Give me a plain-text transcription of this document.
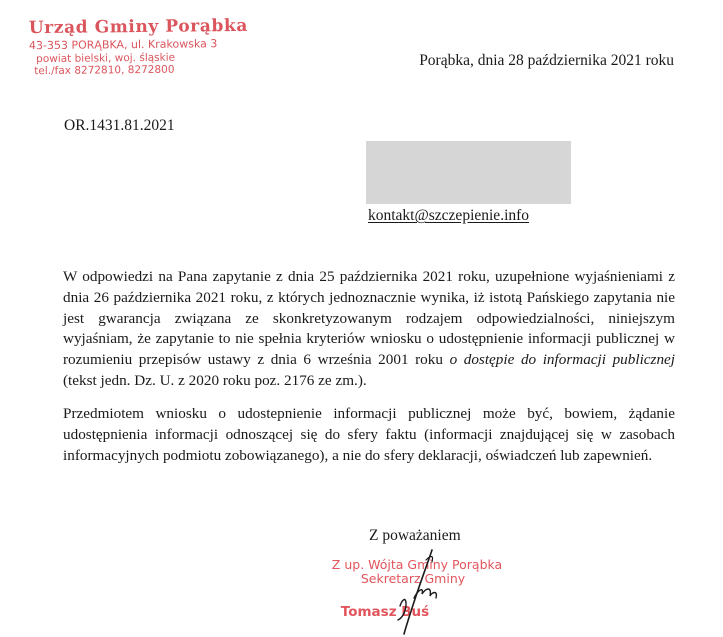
Urząd Gminy Porąbka
43-353 PORĄBKA, ul. Krakowska 3
powiat bielski, woj. śląskie
tel./fax 8272810, 8272800
Porąbka, dnia 28 października 2021 roku
OR.1431.81.2021
kontakt@szczepienie.info

W odpowiedzi na Pana zapytanie z dnia 25 października 2021 roku, uzupełnione wyjaśnieniami z dnia 26 października 2021 roku, z których jednoznacznie wynika, iż istotą Pańskiego zapytania nie jest gwarancja związana ze skonkretyzowanym rodzajem odpowiedzialności, niniejszym wyjaśniam, że zapytanie to nie spełnia kryteriów wniosku o udostępnienie informacji publicznej w rozumieniu przepisów ustawy z dnia 6 września 2001 roku o dostępie do informacji publicznej (tekst jedn. Dz. U. z 2020 roku poz. 2176 ze zm.).

Przedmiotem wniosku o udostepnienie informacji publicznej może być, bowiem, żądanie udostępnienia informacji odnoszącej się do sfery faktu (informacji znajdującej się w zasobach informacyjnych podmiotu zobowiązanego), a nie do sfery deklaracji, oświadczeń lub zapewnień.

Z poważaniem
Z up. Wójta Gminy Porąbka
Sekretarz Gminy
Tomasz Buś
